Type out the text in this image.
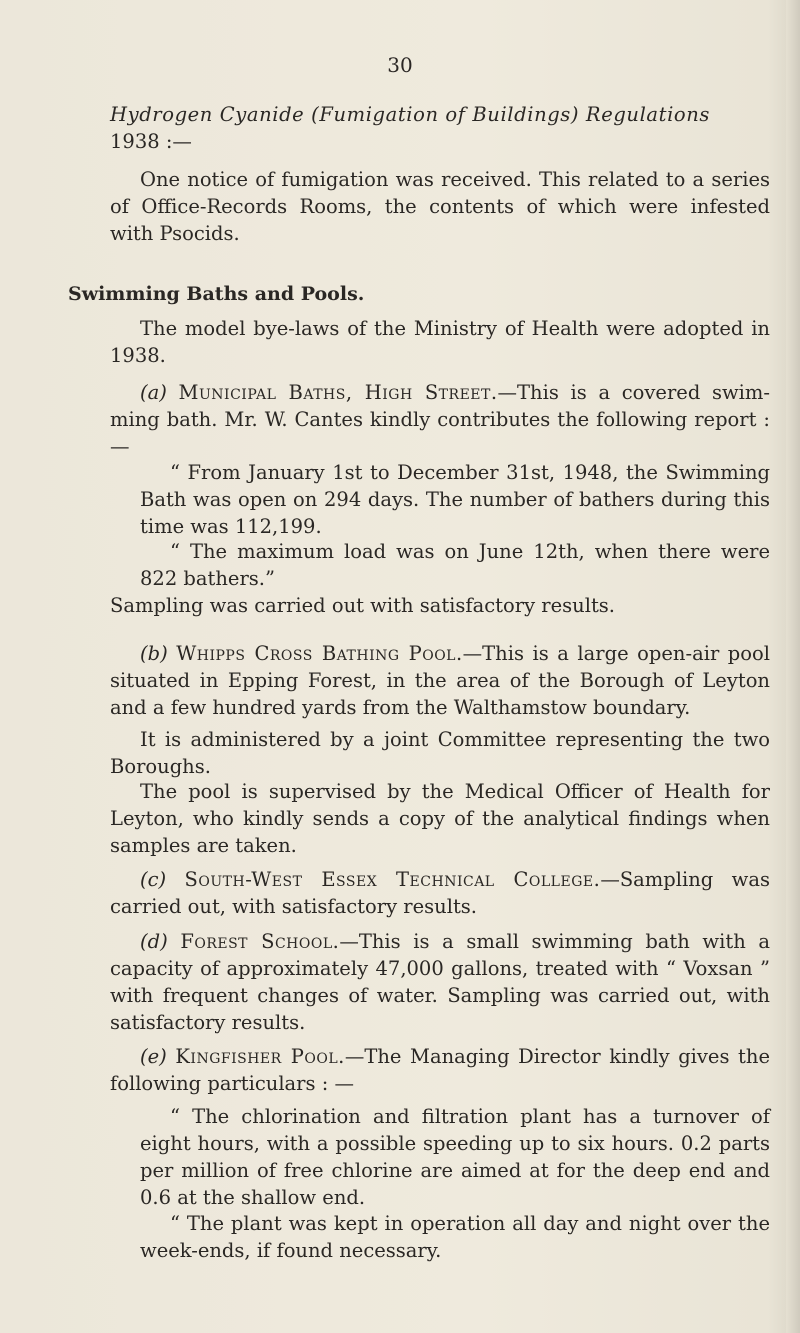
30
Hydrogen Cyanide (Fumigation of Buildings) Regulations
1938 :—
One notice of fumigation was received. This related to a series of Office-Records Rooms, the contents of which were infested with Psocids.
Swimming Baths and Pools.
The model bye-laws of the Ministry of Health were adopted in 1938.
(a) Municipal Baths, High Street.—This is a covered swim- ming bath. Mr. W. Cantes kindly contributes the following report : —
“ From January 1st to December 31st, 1948, the Swimming Bath was open on 294 days. The number of bathers during this time was 112,199.
“ The maximum load was on June 12th, when there were 822 bathers.”
Sampling was carried out with satisfactory results.
(b) Whipps Cross Bathing Pool.—This is a large open-air pool situated in Epping Forest, in the area of the Borough of Leyton and a few hundred yards from the Walthamstow boundary.
It is administered by a joint Committee representing the two Boroughs.
The pool is supervised by the Medical Officer of Health for Leyton, who kindly sends a copy of the analytical findings when samples are taken.
(c) South-West Essex Technical College.—Sampling was carried out, with satisfactory results.
(d) Forest School.—This is a small swimming bath with a capacity of approximately 47,000 gallons, treated with “ Voxsan ” with frequent changes of water. Sampling was carried out, with satisfactory results.
(e) Kingfisher Pool.—The Managing Director kindly gives the following particulars : —
“ The chlorination and filtration plant has a turnover of eight hours, with a possible speeding up to six hours. 0.2 parts per million of free chlorine are aimed at for the deep end and 0.6 at the shallow end.
“ The plant was kept in operation all day and night over the week-ends, if found necessary.
